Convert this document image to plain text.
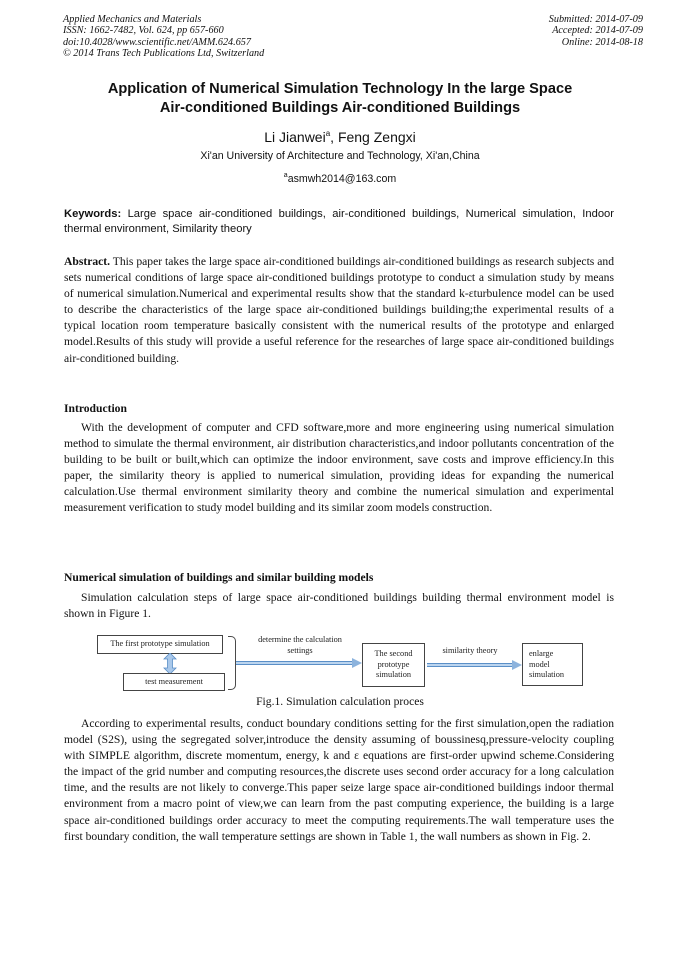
Applied Mechanics and Materials
ISSN: 1662-7482, Vol. 624, pp 657-660
doi:10.4028/www.scientific.net/AMM.624.657
© 2014 Trans Tech Publications Ltd, Switzerland
Submitted: 2014-07-09
Accepted: 2014-07-09
Online: 2014-08-18
Application of Numerical Simulation Technology In the large Space
Air-conditioned Buildings Air-conditioned Buildings
Li Jianwei$^a$, Feng Zengxi
Xi'an University of Architecture and Technology, Xi'an,China
$^a$asmwh2014@163.com
Keywords: Large space air-conditioned buildings, air-conditioned buildings, Numerical simulation, Indoor thermal environment, Similarity theory
Abstract. This paper takes the large space air-conditioned buildings air-conditioned buildings as research subjects and sets numerical conditions of large space air-conditioned buildings prototype to conduct a simulation study by means of numerical simulation.Numerical and experimental results show that the standard k-εturbulence model can be used to describe the characteristics of the large space air-conditioned buildings building;the experimental results of a typical location room temperature basically consistent with the numerical results of the prototype and enlarged model.Results of this study will provide a useful reference for the researches of large space air-conditioned buildings air-conditioned building.
Introduction
With the development of computer and CFD software,more and more engineering using numerical simulation method to simulate the thermal environment, air distribution characteristics,and indoor pollutants concentration of the building to be built or built,which can optimize the indoor environment, save costs and improve efficiency.In this paper, the similarity theory is applied to numerical simulation, providing ideas for expanding the numerical calculation.Use thermal environment similarity theory and combine the numerical simulation and experimental measurement verification to study model building and its similar zoom models construction.
Numerical simulation of buildings and similar building models
Simulation calculation steps of large space air-conditioned buildings building thermal environment model is shown in Figure 1.
The first prototype simulation
test measurement
determine the calculation
settings	The second
prototype
simulation
similarity theory	enlarge
model
simulation
Fig.1. Simulation calculation proces
According to experimental results, conduct boundary conditions setting for the first simulation,open the radiation model (S2S), using the segregated solver,introduce the density assuming of boussinesq,pressure-velocity coupling with SIMPLE algorithm, discrete momentum, energy, k and ε equations are first-order upwind scheme.Considering the impact of the grid number and computing resources,the discrete uses second order accuracy for a long calculation time, and the results are not likely to converge.This paper seize large space air-conditioned buildings indoor thermal environment from a macro point of view,we can learn from the past computing experience, the building is a large space air-conditioned buildings order accuracy to meet the computing requirements.The wall temperature uses the first boundary condition, the wall temperature settings are shown in Table 1, the wall numbers as shown in Fig. 2.
